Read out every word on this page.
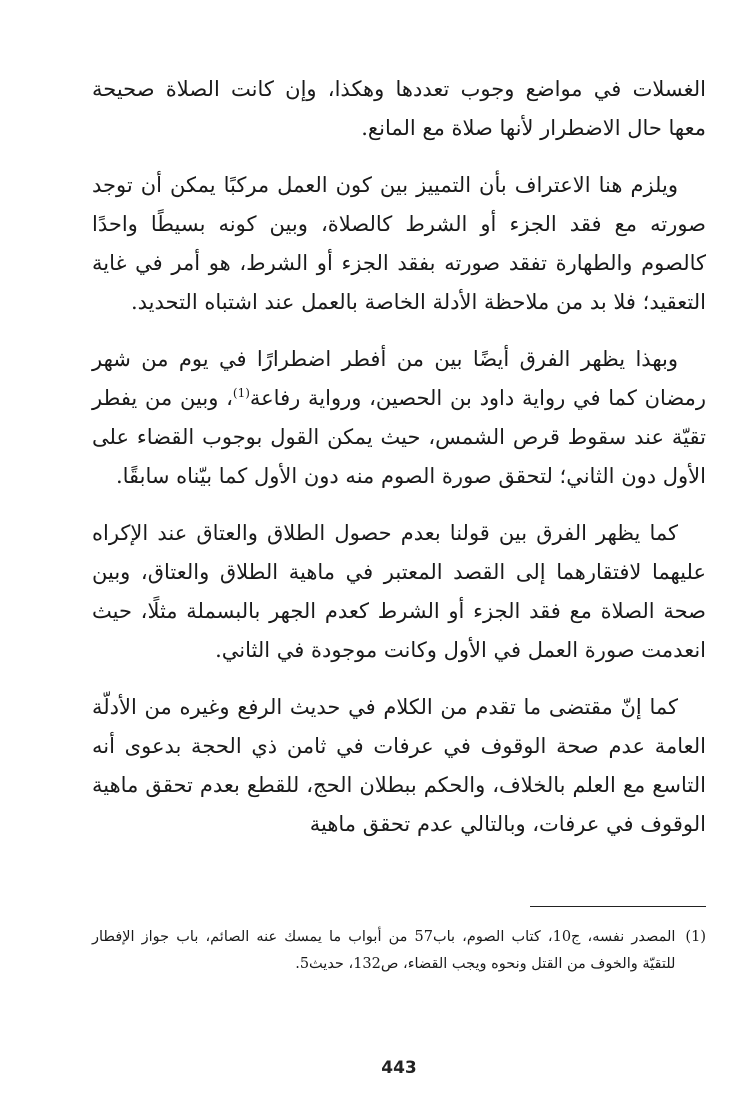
الغسلات في مواضع وجوب تعددها وهكذا، وإن كانت الصلاة صحيحة معها حال الاضطرار لأنها صلاة مع المانع.

ويلزم هنا الاعتراف بأن التمييز بين كون العمل مركبًا يمكن أن توجد صورته مع فقد الجزء أو الشرط كالصلاة، وبين كونه بسيطًا واحدًا كالصوم والطهارة تفقد صورته بفقد الجزء أو الشرط، هو أمر في غاية التعقيد؛ فلا بد من ملاحظة الأدلة الخاصة بالعمل عند اشتباه التحديد.

وبهذا يظهر الفرق أيضًا بين من أفطر اضطرارًا في يوم من شهر رمضان كما في رواية داود بن الحصين، ورواية رفاعة$^{(1)}$، وبين من يفطر تقيّة عند سقوط قرص الشمس، حيث يمكن القول بوجوب القضاء على الأول دون الثاني؛ لتحقق صورة الصوم منه دون الأول كما بيّناه سابقًا.

كما يظهر الفرق بين قولنا بعدم حصول الطلاق والعتاق عند الإكراه عليهما لافتقارهما إلى القصد المعتبر في ماهية الطلاق والعتاق، وبين صحة الصلاة مع فقد الجزء أو الشرط كعدم الجهر بالبسملة مثلًا، حيث انعدمت صورة العمل في الأول وكانت موجودة في الثاني.

كما إنّ مقتضى ما تقدم من الكلام في حديث الرفع وغيره من الأدلّة العامة عدم صحة الوقوف في عرفات في ثامن ذي الحجة بدعوى أنه التاسع مع العلم بالخلاف، والحكم ببطلان الحج، للقطع بعدم تحقق ماهية الوقوف في عرفات، وبالتالي عدم تحقق ماهية

(1)
المصدر نفسه، ج10، كتاب الصوم، باب57 من أبواب ما يمسك عنه الصائم، باب جواز الإفطار للتقيّة والخوف من القتل ونحوه ويجب القضاء، ص132، حديث5.
443
